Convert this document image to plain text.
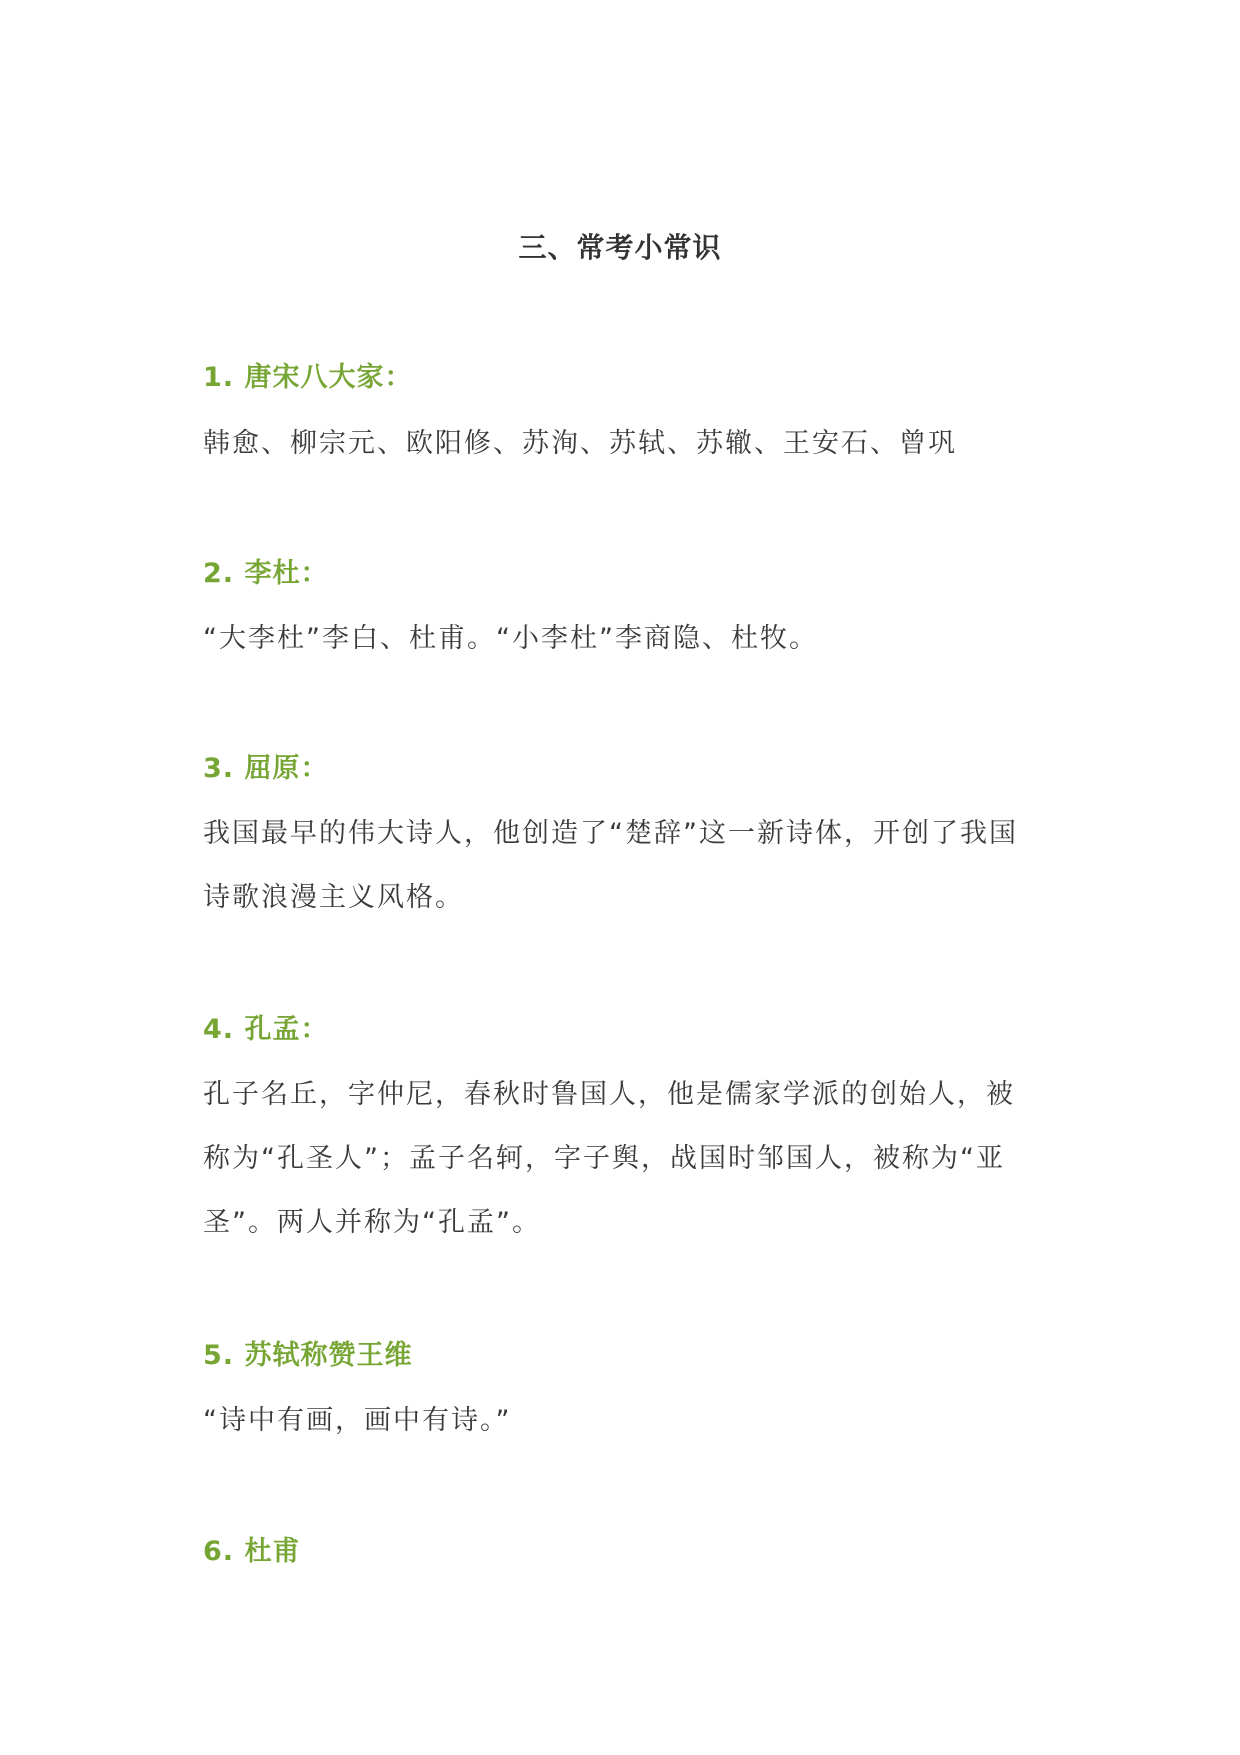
三、常考小常识
1. 唐宋八大家：

韩愈、柳宗元、欧阳修、苏洵、苏轼、苏辙、王安石、曾巩

2. 李杜：

“大李杜”李白、杜甫。“小李杜”李商隐、杜牧。

3. 屈原：

我国最早的伟大诗人，他创造了“楚辞”这一新诗体，开创了我国诗歌浪漫主义风格。

4. 孔孟：

孔子名丘，字仲尼，春秋时鲁国人，他是儒家学派的创始人，被称为“孔圣人”；孟子名轲，字子舆，战国时邹国人，被称为“亚圣”。两人并称为“孔孟”。

5. 苏轼称赞王维

“诗中有画，画中有诗。”

6. 杜甫
